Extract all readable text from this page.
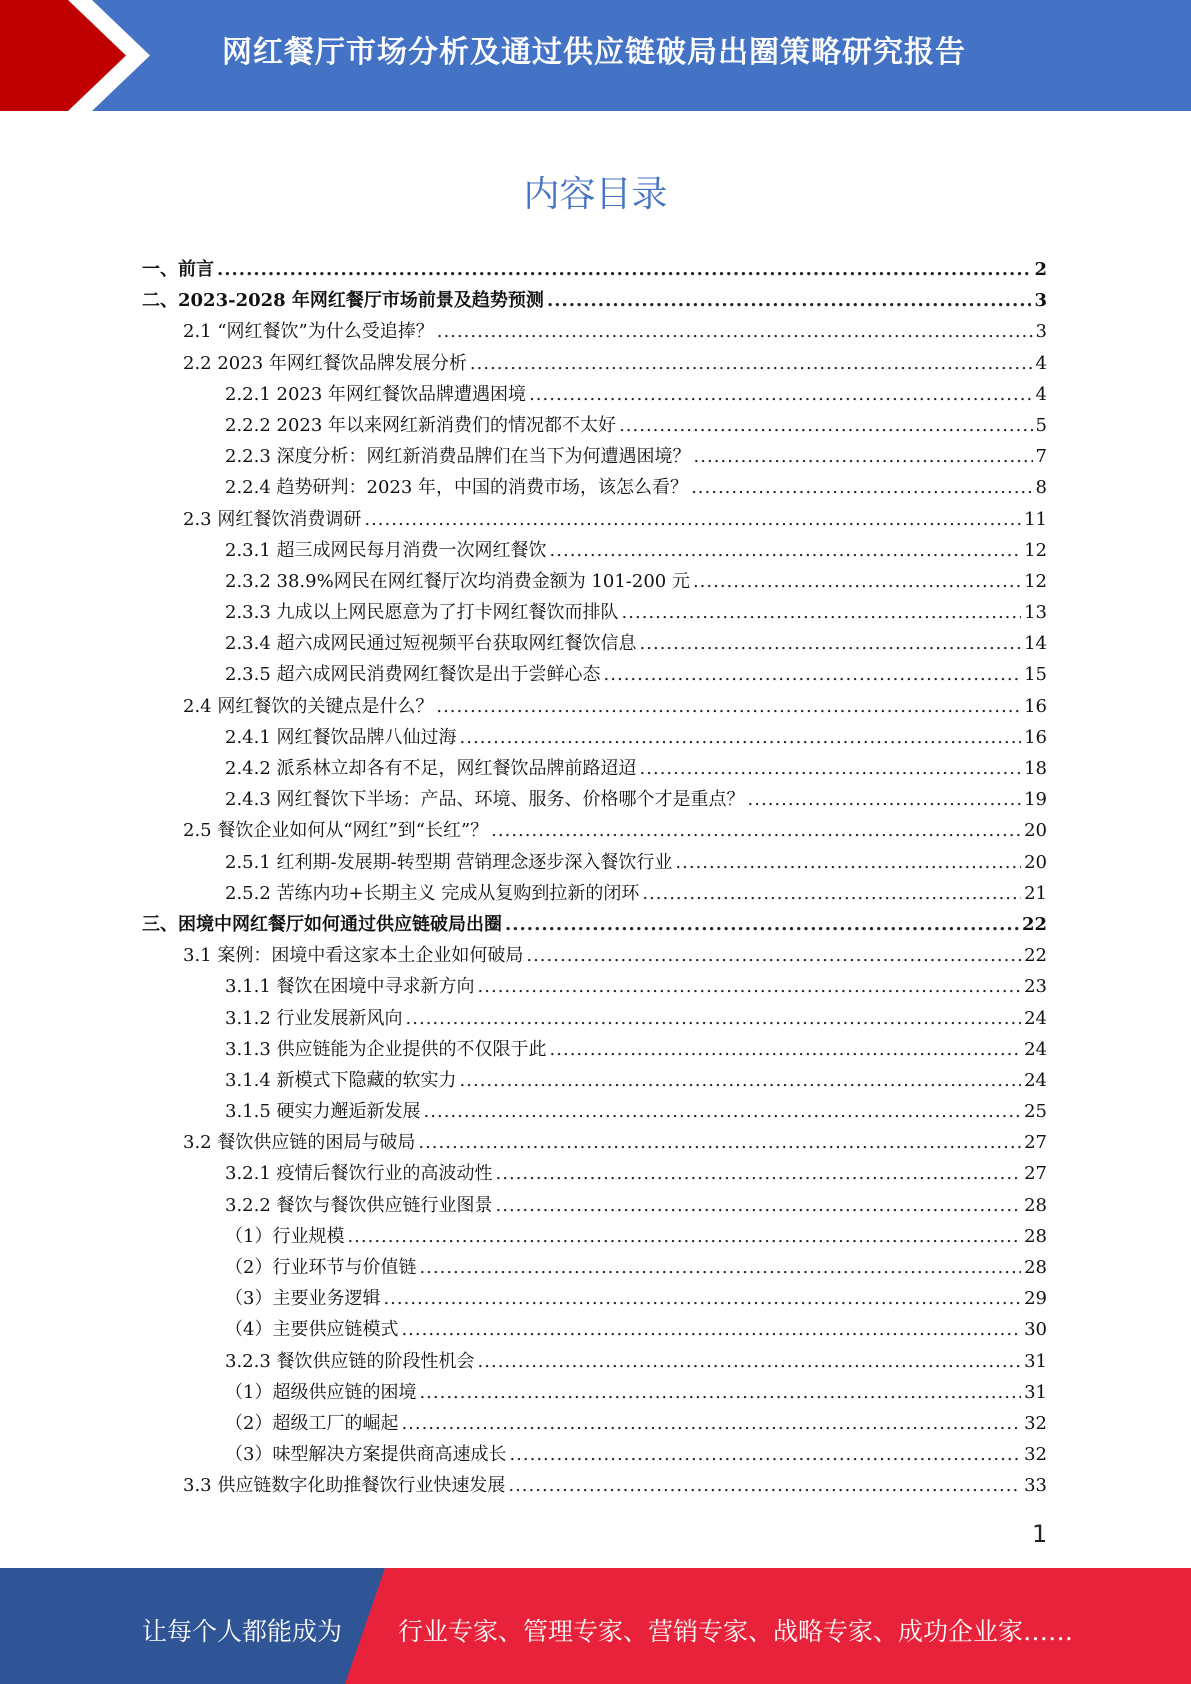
网红餐厅市场分析及通过供应链破局出圈策略研究报告
内容目录
一、前言 .....	2
二、2023-2028 年网红餐厅市场前景及趋势预测 .....	3
2.1 “网红餐饮”为什么受追捧？ .....	3
2.2 2023 年网红餐饮品牌发展分析 .....	4
2.2.1 2023 年网红餐饮品牌遭遇困境 .....	4
2.2.2 2023 年以来网红新消费们的情况都不太好 .....	5
2.2.3 深度分析：网红新消费品牌们在当下为何遭遇困境？ .....	7
2.2.4 趋势研判：2023 年，中国的消费市场，该怎么看？ .....	8
2.3 网红餐饮消费调研 .....	11
2.3.1 超三成网民每月消费一次网红餐饮 .....	12
2.3.2 38.9%网民在网红餐厅次均消费金额为 101-200 元 .....	12
2.3.3 九成以上网民愿意为了打卡网红餐饮而排队 .....	13
2.3.4 超六成网民通过短视频平台获取网红餐饮信息 .....	14
2.3.5 超六成网民消费网红餐饮是出于尝鲜心态 .....	15
2.4 网红餐饮的关键点是什么？ .....	16
2.4.1 网红餐饮品牌八仙过海 .....	16
2.4.2 派系林立却各有不足，网红餐饮品牌前路迢迢 .....	18
2.4.3 网红餐饮下半场：产品、环境、服务、价格哪个才是重点？ .....	19
2.5 餐饮企业如何从“网红”到“长红”？ .....	20
2.5.1 红利期-发展期-转型期 营销理念逐步深入餐饮行业 .....	20
2.5.2 苦练内功+长期主义 完成从复购到拉新的闭环 .....	21
三、困境中网红餐厅如何通过供应链破局出圈 .....	22
3.1 案例：困境中看这家本土企业如何破局 .....	22
3.1.1 餐饮在困境中寻求新方向 .....	23
3.1.2 行业发展新风向 .....	24
3.1.3 供应链能为企业提供的不仅限于此 .....	24
3.1.4 新模式下隐藏的软实力 .....	24
3.1.5 硬实力邂逅新发展 .....	25
3.2 餐饮供应链的困局与破局 .....	27
3.2.1 疫情后餐饮行业的高波动性 .....	27
3.2.2 餐饮与餐饮供应链行业图景 .....	28
（1）行业规模 .....	28
（2）行业环节与价值链 .....	28
（3）主要业务逻辑 .....	29
（4）主要供应链模式 .....	30
3.2.3 餐饮供应链的阶段性机会 .....	31
（1）超级供应链的困境 .....	31
（2）超级工厂的崛起 .....	32
（3）味型解决方案提供商高速成长 .....	32
3.3 供应链数字化助推餐饮行业快速发展 .....	33
1
让每个人都能成为 行业专家、管理专家、营销专家、战略专家、成功企业家……
